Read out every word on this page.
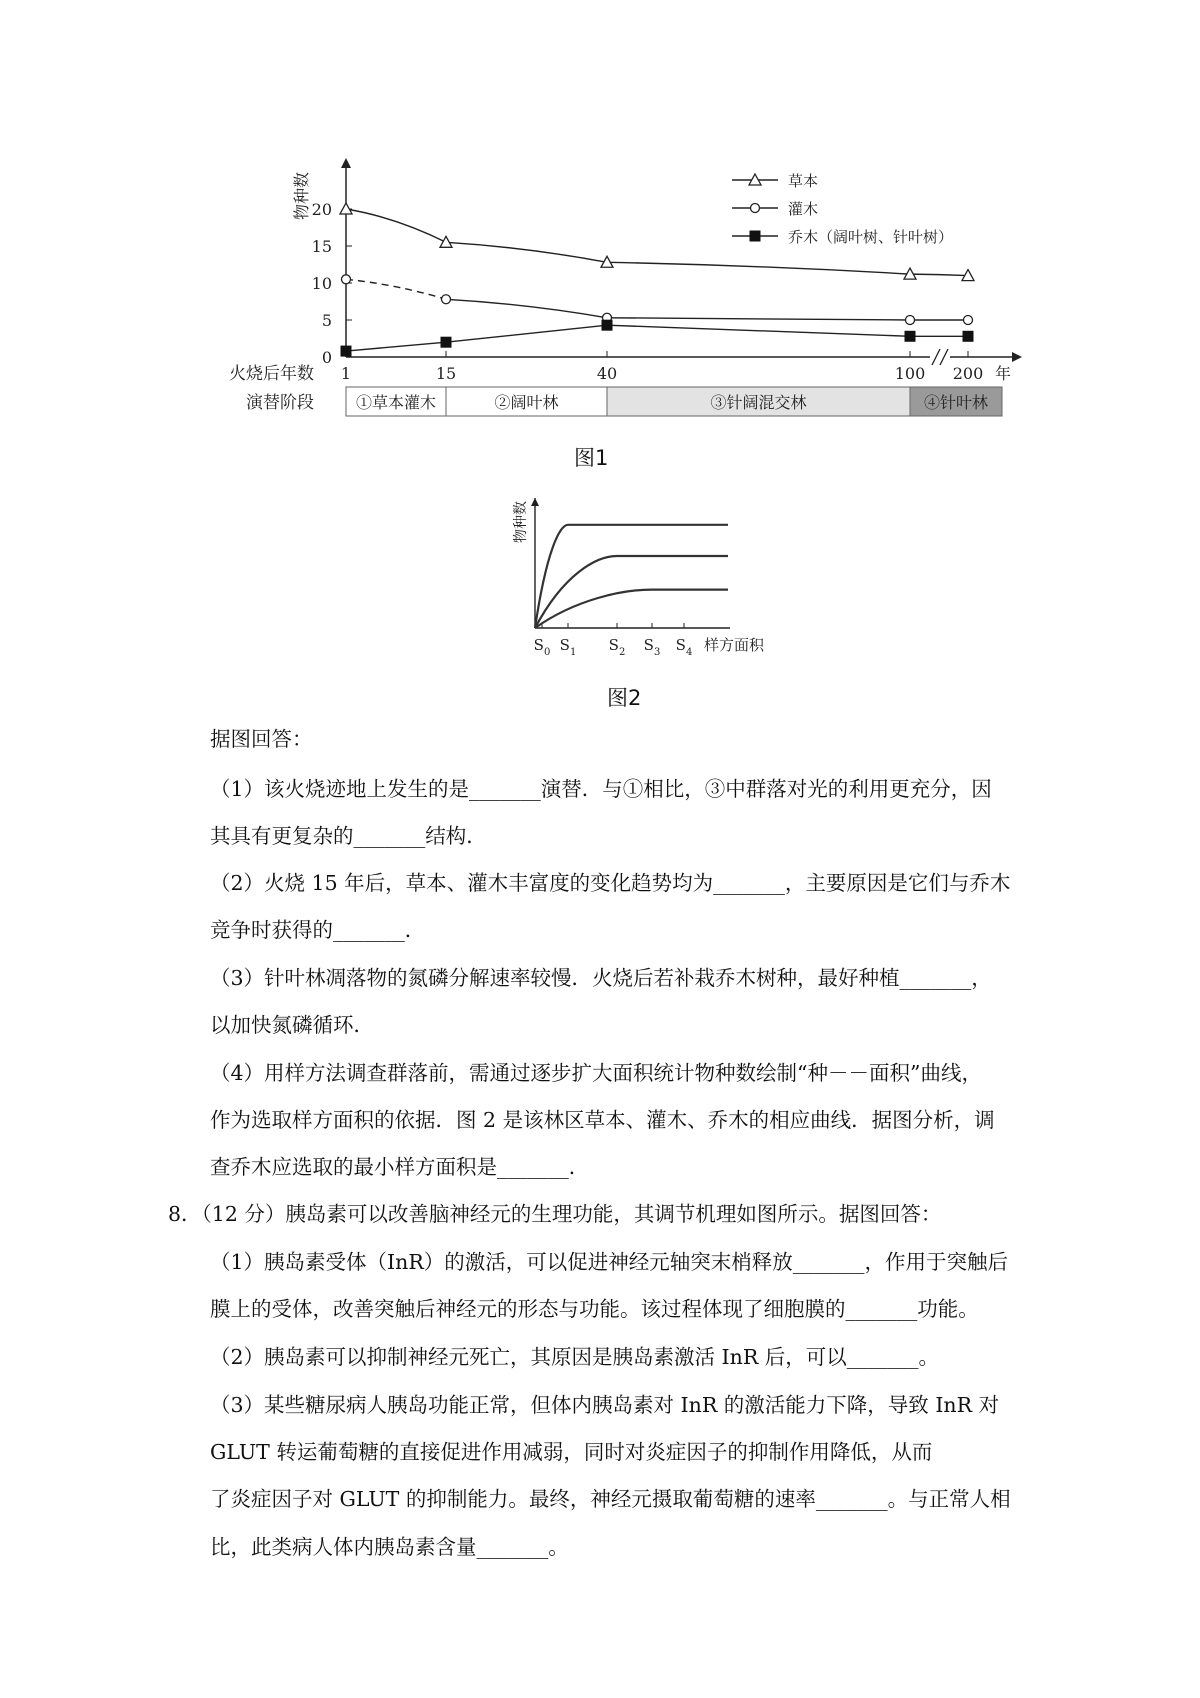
0
5
10
15
20
1	15	40	100 200 年
火烧后年数
物种数	草本
灌木
乔木（阔叶树、针叶树）
演替阶段	①草本灌木	②阔叶林	③针阔混交林	④针叶林
图1
物种数
样方面积
$S_0$ $S_1$ $S_2$ $S_3$ $S_4$
图2
据图回答：
（1）该火烧迹地上发生的是_______演替．与①相比，③中群落对光的利用更充分，因
其具有更复杂的_______结构．
（2）火烧 15 年后，草本、灌木丰富度的变化趋势均为_______，主要原因是它们与乔木
竞争时获得的_______．
（3）针叶林凋落物的氮磷分解速率较慢．火烧后若补栽乔木树种，最好种植_______，
以加快氮磷循环．
（4）用样方法调查群落前，需通过逐步扩大面积统计物种数绘制“种－－面积”曲线，
作为选取样方面积的依据．图 2 是该林区草本、灌木、乔木的相应曲线．据图分析，调
查乔木应选取的最小样方面积是_______．
8．（12 分）胰岛素可以改善脑神经元的生理功能，其调节机理如图所示。据图回答：
（1）胰岛素受体（InR）的激活，可以促进神经元轴突末梢释放_______，作用于突触后
膜上的受体，改善突触后神经元的形态与功能。该过程体现了细胞膜的_______功能。
（2）胰岛素可以抑制神经元死亡，其原因是胰岛素激活 InR 后，可以_______。
（3）某些糖尿病人胰岛功能正常，但体内胰岛素对 InR 的激活能力下降，导致 InR 对
GLUT 转运葡萄糖的直接促进作用减弱，同时对炎症因子的抑制作用降低，从而
了炎症因子对 GLUT 的抑制能力。最终，神经元摄取葡萄糖的速率_______。与正常人相
比，此类病人体内胰岛素含量_______。
